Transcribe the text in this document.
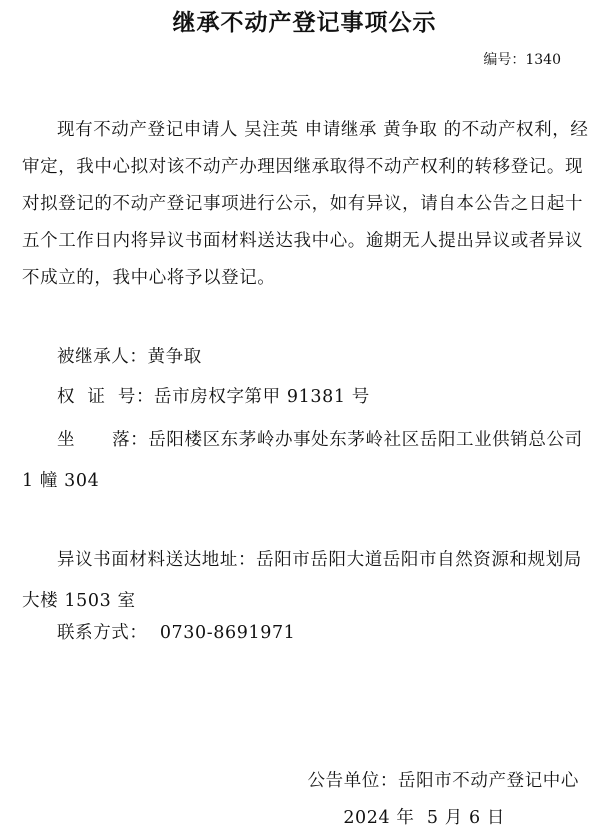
继承不动产登记事项公示
编号：1340

现有不动产登记申请人 吴注英 申请继承 黄争取 的不动产权利，经审定，我中心拟对该不动产办理因继承取得不动产权利的转移登记。现对拟登记的不动产登记事项进行公示，如有异议，请自本公告之日起十五个工作日内将异议书面材料送达我中心。逾期无人提出异议或者异议不成立的，我中心将予以登记。

被继承人：黄争取

权  证  号：岳市房权字第甲 91381 号

坐      落：岳阳楼区东茅岭办事处东茅岭社区岳阳工业供销总公司 1 幢 304

异议书面材料送达地址：岳阳市岳阳大道岳阳市自然资源和规划局大楼 1503 室

联系方式：  0730-8691971

公告单位：岳阳市不动产登记中心
2024 年  5 月 6 日
